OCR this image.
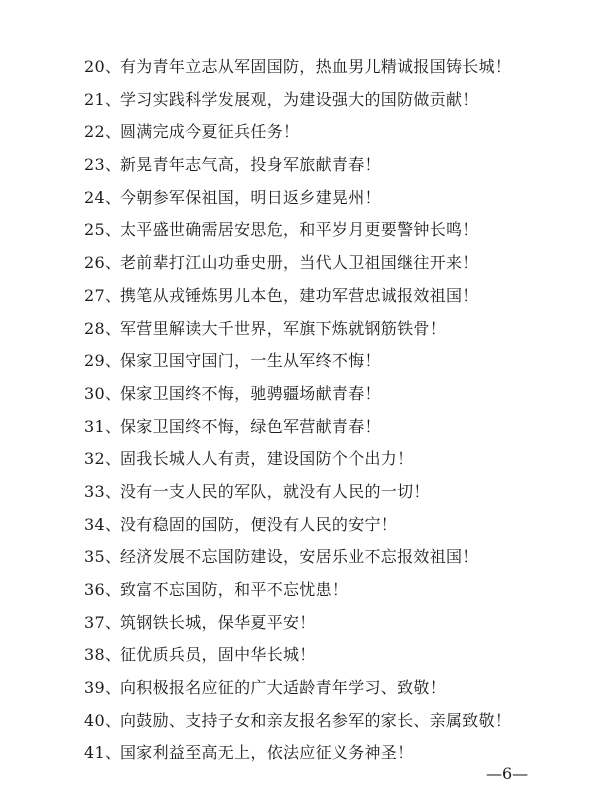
20、有为青年立志从军固国防，热血男儿精诚报国铸长城！
21、学习实践科学发展观，为建设强大的国防做贡献！
22、圆满完成今夏征兵任务！
23、新晃青年志气高，投身军旅献青春！
24、今朝参军保祖国，明日返乡建晃州！
25、太平盛世确需居安思危，和平岁月更要警钟长鸣！
26、老前辈打江山功垂史册，当代人卫祖国继往开来！
27、携笔从戎锤炼男儿本色，建功军营忠诚报效祖国！
28、军营里解读大千世界，军旗下炼就钢筋铁骨！
29、保家卫国守国门，一生从军终不悔！
30、保家卫国终不悔，驰骋疆场献青春！
31、保家卫国终不悔，绿色军营献青春！
32、固我长城人人有责，建设国防个个出力！
33、没有一支人民的军队，就没有人民的一切！
34、没有稳固的国防，便没有人民的安宁！
35、经济发展不忘国防建设，安居乐业不忘报效祖国！
36、致富不忘国防，和平不忘忧患！
37、筑钢铁长城，保华夏平安！
38、征优质兵员，固中华长城！
39、向积极报名应征的广大适龄青年学习、致敬！
40、向鼓励、支持子女和亲友报名参军的家长、亲属致敬！
41、国家利益至高无上，依法应征义务神圣！
—6—
